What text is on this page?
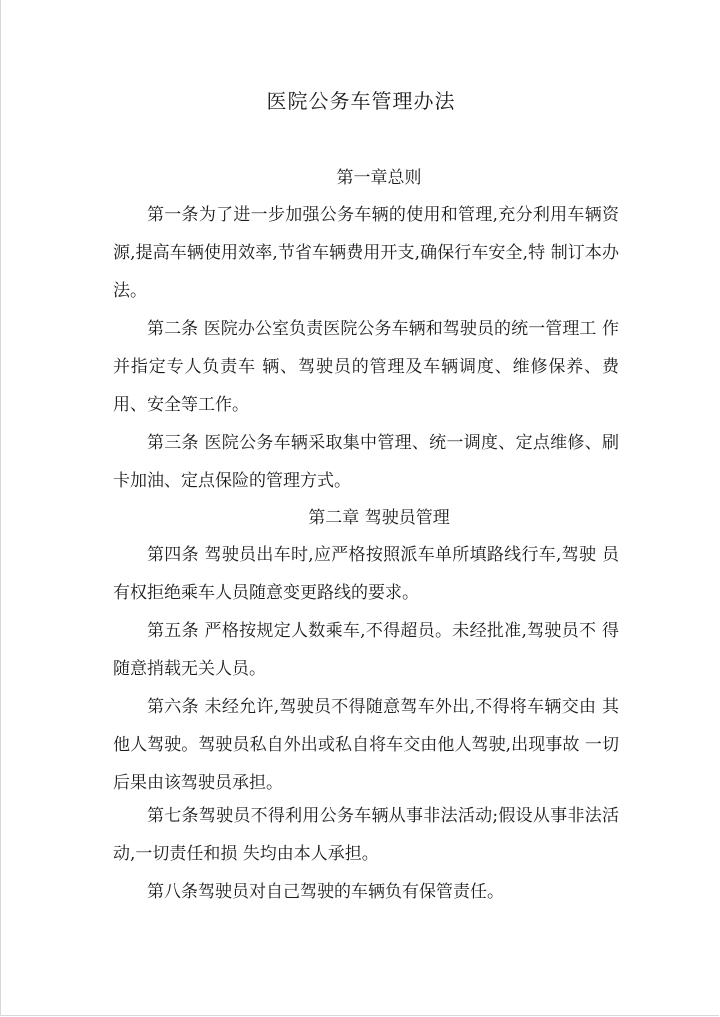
医院公务车管理办法
第一章总则

第一条为了进一步加强公务车辆的使用和管理,充分利用车辆资源,提高车辆使用效率,节省车辆费用开支,确保行车安全,特 制订本办法。

第二条 医院办公室负责医院公务车辆和驾驶员的统一管理工 作并指定专人负责车 辆、驾驶员的管理及车辆调度、维修保养、费用、安全等工作。

第三条 医院公务车辆采取集中管理、统一调度、定点维修、刷卡加油、定点保险的管理方式。

第二章 驾驶员管理

第四条 驾驶员出车时,应严格按照派车单所填路线行车,驾驶 员有权拒绝乘车人员随意变更路线的要求。

第五条 严格按规定人数乘车,不得超员。未经批准,驾驶员不 得随意捎载无关人员。

第六条 未经允许,驾驶员不得随意驾车外出,不得将车辆交由 其他人驾驶。驾驶员私自外出或私自将车交由他人驾驶,出现事故 一切后果由该驾驶员承担。

第七条驾驶员不得利用公务车辆从事非法活动;假设从事非法活动,一切责任和损 失均由本人承担。

第八条驾驶员对自己驾驶的车辆负有保管责任。
